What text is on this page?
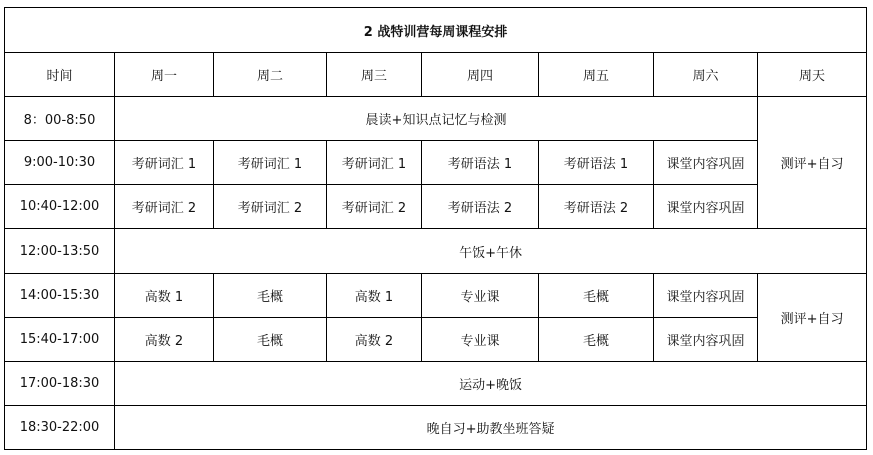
2 战特训营每周课程安排							
时间	周一	周二	周三	周四	周五	周六	周天
8：00-8:50	晨读+知识点记忆与检测						测评+自习
9:00-10:30	考研词汇 1	考研词汇 1	考研词汇 1	考研语法 1	考研语法 1	课堂内容巩固	
10:40-12:00	考研词汇 2	考研词汇 2	考研词汇 2	考研语法 2	考研语法 2	课堂内容巩固	
12:00-13:50	午饭+午休						
14:00-15:30	高数 1	毛概	高数 1	专业课	毛概	课堂内容巩固	测评+自习
15:40-17:00	高数 2	毛概	高数 2	专业课	毛概	课堂内容巩固	
17:00-18:30	运动+晚饭						
18:30-22:00	晚自习+助教坐班答疑						
